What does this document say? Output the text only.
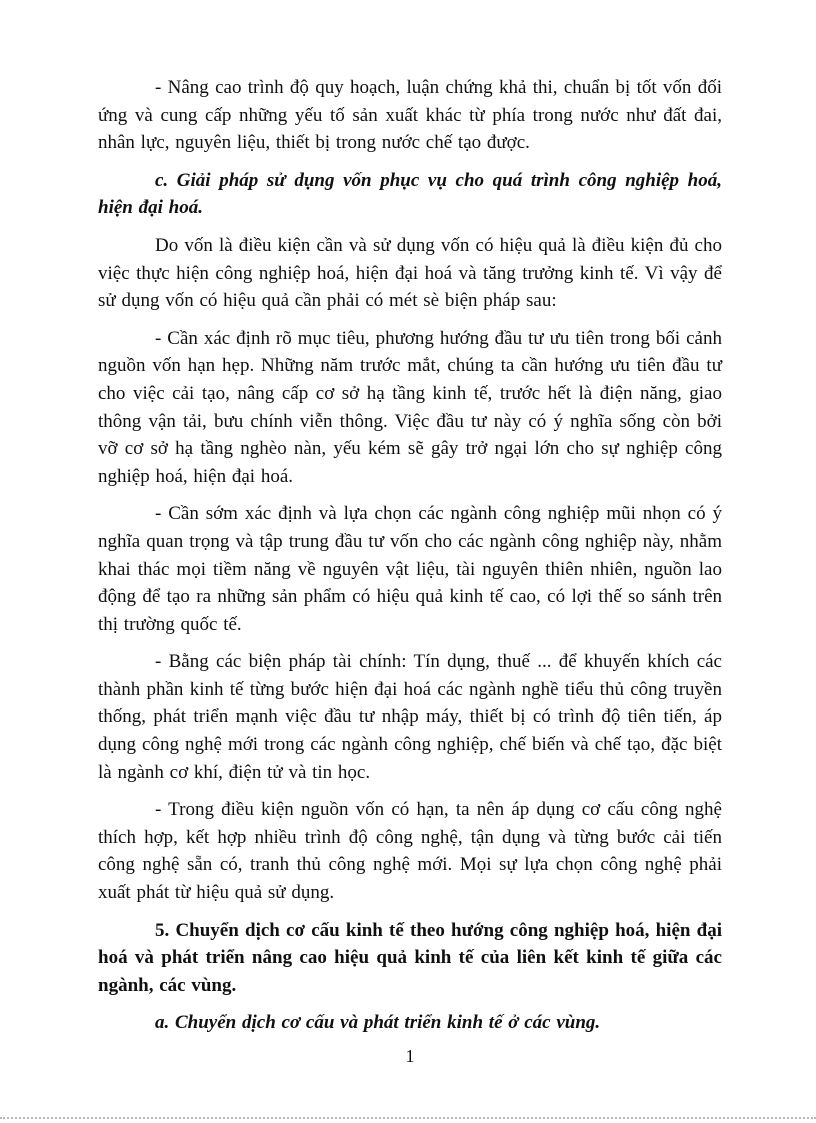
- Nâng cao trình độ quy hoạch, luận chứng khả thi, chuẩn bị tốt vốn đối ứng và cung cấp những yếu tố sản xuất khác từ phía trong nước như đất đai, nhân lực, nguyên liệu, thiết bị trong nước chế tạo được.

c. Giải pháp sử dụng vốn phục vụ cho quá trình công nghiệp hoá, hiện đại hoá.

Do vốn là điều kiện cần và sử dụng vốn có hiệu quả là điều kiện đủ cho việc thực hiện công nghiệp hoá, hiện đại hoá và tăng trưởng kinh tế. Vì vậy để sử dụng vốn có hiệu quả cần phải có mét sè biện pháp sau:

- Cần xác định rõ mục tiêu, phương hướng đầu tư ưu tiên trong bối cảnh nguồn vốn hạn hẹp. Những năm trước mắt, chúng ta cần hướng ưu tiên đầu tư cho việc cải tạo, nâng cấp cơ sở hạ tầng kinh tế, trước hết là điện năng, giao thông vận tải, bưu chính viễn thông. Việc đầu tư này có ý nghĩa sống còn bởi vỡ cơ sở hạ tầng nghèo nàn, yếu kém sẽ gây trở ngại lớn cho sự nghiệp công nghiệp hoá, hiện đại hoá.

- Cần sớm xác định và lựa chọn các ngành công nghiệp mũi nhọn có ý nghĩa quan trọng và tập trung đầu tư vốn cho các ngành công nghiệp này, nhằm khai thác mọi tiềm năng về nguyên vật liệu, tài nguyên thiên nhiên, nguồn lao động để tạo ra những sản phẩm có hiệu quả kinh tế cao, có lợi thế so sánh trên thị trường quốc tế.

- Bằng các biện pháp tài chính: Tín dụng, thuế ... để khuyến khích các thành phần kinh tế từng bước hiện đại hoá các ngành nghề tiểu thủ công truyền thống, phát triển mạnh việc đầu tư nhập máy, thiết bị có trình độ tiên tiến, áp dụng công nghệ mới trong các ngành công nghiệp, chế biến và chế tạo, đặc biệt là ngành cơ khí, điện tử và tin học.

- Trong điều kiện nguồn vốn có hạn, ta nên áp dụng cơ cấu công nghệ thích hợp, kết hợp nhiều trình độ công nghệ, tận dụng và từng bước cải tiến công nghệ sẵn có, tranh thủ công nghệ mới. Mọi sự lựa chọn công nghệ phải xuất phát từ hiệu quả sử dụng.

5. Chuyển dịch cơ cấu kinh tế theo hướng công nghiệp hoá, hiện đại hoá và phát triển nâng cao hiệu quả kinh tế của liên kết kinh tế giữa các ngành, các vùng.

a. Chuyển dịch cơ cấu và phát triển kinh tế ở các vùng.

1
